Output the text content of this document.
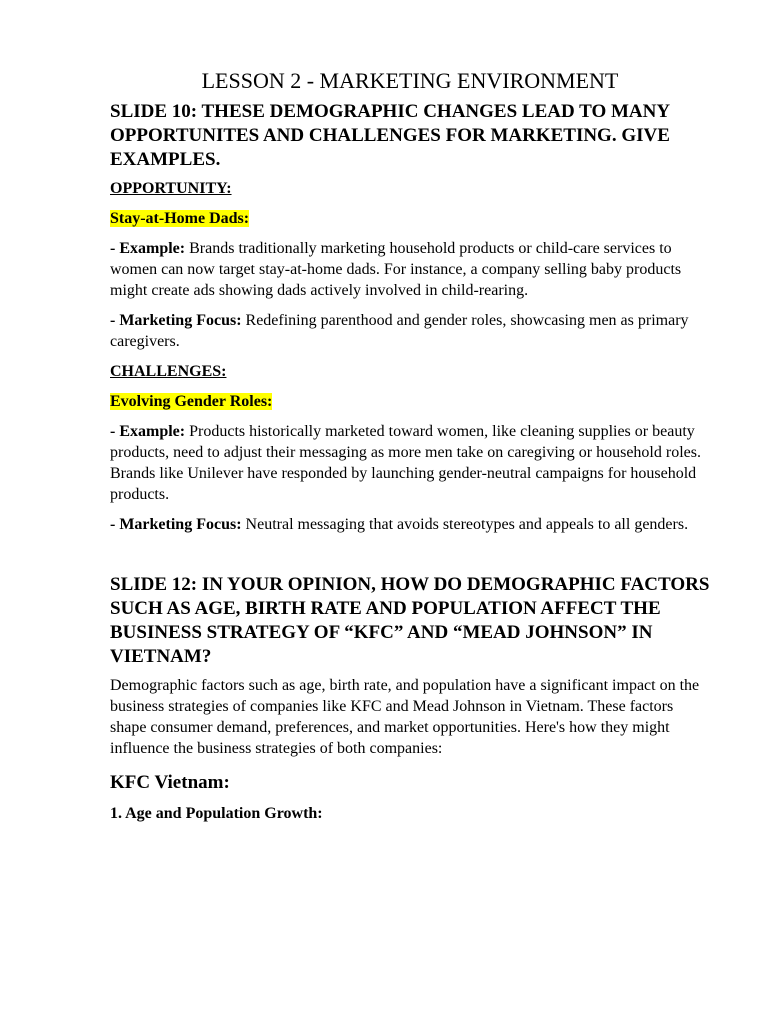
LESSON 2 - MARKETING ENVIRONMENT
SLIDE 10: THESE DEMOGRAPHIC CHANGES LEAD TO MANY OPPORTUNITES AND CHALLENGES FOR MARKETING. GIVE EXAMPLES.

OPPORTUNITY:

Stay-at-Home Dads:

- Example: Brands traditionally marketing household products or child-care services to women can now target stay-at-home dads. For instance, a company selling baby products might create ads showing dads actively involved in child-rearing.

- Marketing Focus: Redefining parenthood and gender roles, showcasing men as primary caregivers.

CHALLENGES:

Evolving Gender Roles:

- Example: Products historically marketed toward women, like cleaning supplies or beauty products, need to adjust their messaging as more men take on caregiving or household roles. Brands like Unilever have responded by launching gender-neutral campaigns for household products.

- Marketing Focus: Neutral messaging that avoids stereotypes and appeals to all genders.

SLIDE 12: IN YOUR OPINION, HOW DO DEMOGRAPHIC FACTORS SUCH AS AGE, BIRTH RATE AND POPULATION AFFECT THE BUSINESS STRATEGY OF “KFC” AND “MEAD JOHNSON” IN VIETNAM?

Demographic factors such as age, birth rate, and population have a significant impact on the business strategies of companies like KFC and Mead Johnson in Vietnam. These factors shape consumer demand, preferences, and market opportunities. Here's how they might influence the business strategies of both companies:

KFC Vietnam:

1. Age and Population Growth:
